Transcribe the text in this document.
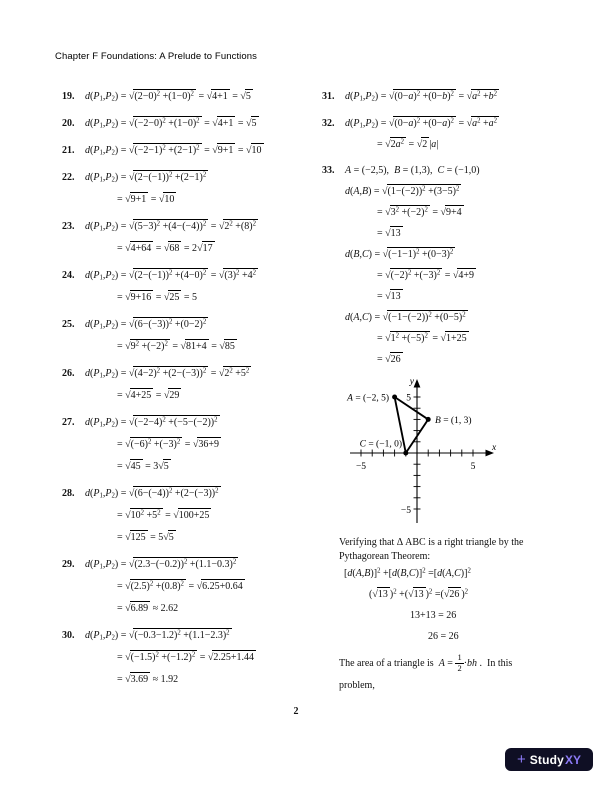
Chapter F Foundations: A Prelude to Functions
19.	$d(P_1,P_2) = √(2-0)^2 +(1-0)^2 = √4+1 = √5$
20.	$d(P_1,P_2) = √(-2-0)^2 +(1-0)^2 = √4+1 = √5$
21.	$d(P_1,P_2) = √(-2-1)^2 +(2-1)^2 = √9+1 = √10$
22.	$d(P_1,P_2) = √(2-(-1))^2 +(2-1)^2$
= √9+1 = √10
23.	$d(P_1,P_2) = √(5-3)^2 +(4-(-4))^2 = √2^2 +(8)^2$
= √4+64 = √68 = 2√17
24.	$d(P_1,P_2) = √(2-(-1))^2 +(4-0)^2 = √(3)^2 +4^2$
= √9+16 = √25 = 5
25.	$d(P_1,P_2) = √(6-(-3))^2 +(0-2)^2$
= $√9^2 +(-2)^2 = √81+4 = √85$
26.	$d(P_1,P_2) = √(4-2)^2 +(2-(-3))^2 = √2^2 +5^2$
= √4+25 = √29
27.	$d(P_1,P_2) = √(-2-4)^2 +(-5-(-2))^2$
= $√(-6)^2 +(-3)^2 = √36+9$
= √45 = 3√5
28.	$d(P_1,P_2) = √(6-(-4))^2 +(2-(-3))^2$
= $√10^2 +5^2 = √100+25$
= √125 = 5√5
29.	$d(P_1,P_2) = √(2.3-(-0.2))^2 +(1.1-0.3)^2$
= $√(2.5)^2 +(0.8)^2 = √6.25+0.64$
= √6.89 ≈ 2.62
30.	$d(P_1,P_2) = √(-0.3-1.2)^2 +(1.1-2.3)^2$
= $√(-1.5)^2 +(-1.2)^2 = √2.25+1.44$
= √3.69 ≈ 1.92
31.	$d(P_1,P_2) = √(0-a)^2 +(0-b)^2 = √a^2 +b^2$
32.	$d(P_1,P_2) = √(0-a)^2 +(0-a)^2 = √a^2 +a^2$
= $√2a^2 = √2$ |a|
33.	A = (−2,5),  B = (1,3),  C = (−1,0)
$d(A,B) = √(1-(-2))^2 +(3-5)^2$
= $√3^2 +(-2)^2 = √9+4$
= √13
$d(B,C) = √(-1-1)^2 +(0-3)^2$
= $√(-2)^2 +(-3)^2 = √4+9$
= √13
$d(A,C) = √(-1-(-2))^2 +(0-5)^2$
= $√1^2 +(-5)^2 = √1+25$
= √26
x
y
−5	5
5
−5
A = (−2, 5)
B = (1, 3)
C = (−1, 0)
Verifying that Δ ABC is a right triangle by the
Pythagorean Theorem:
$[d(A,B)]^2 +[d(B,C)]^2 =[d(A,C)]^2$
(√13 )$^2$ +(√13 )$^2$ =(√26 )$^2$
13+13 = 26
26 = 26
The area of a triangle is  $A = \frac{1}{2} \cdot bh$ .  In this
problem,
2
+ Study XY
